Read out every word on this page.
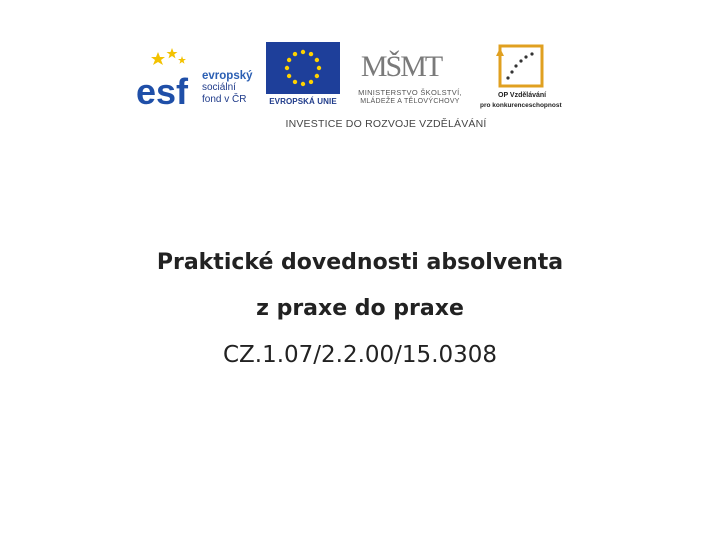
esf evropský
sociální
fond v ČR	EVROPSKÁ UNIE
MŠMT
MINISTERSTVO ŠKOLSTVÍ,
MLÁDEŽE A TĚLOVÝCHOVY
OP Vzdělávání
pro konkurenceschopnost
INVESTICE DO ROZVOJE VZDĚLÁVÁNÍ
Praktické dovednosti absolventa
z praxe do praxe
CZ.1.07/2.2.00/15.0308
